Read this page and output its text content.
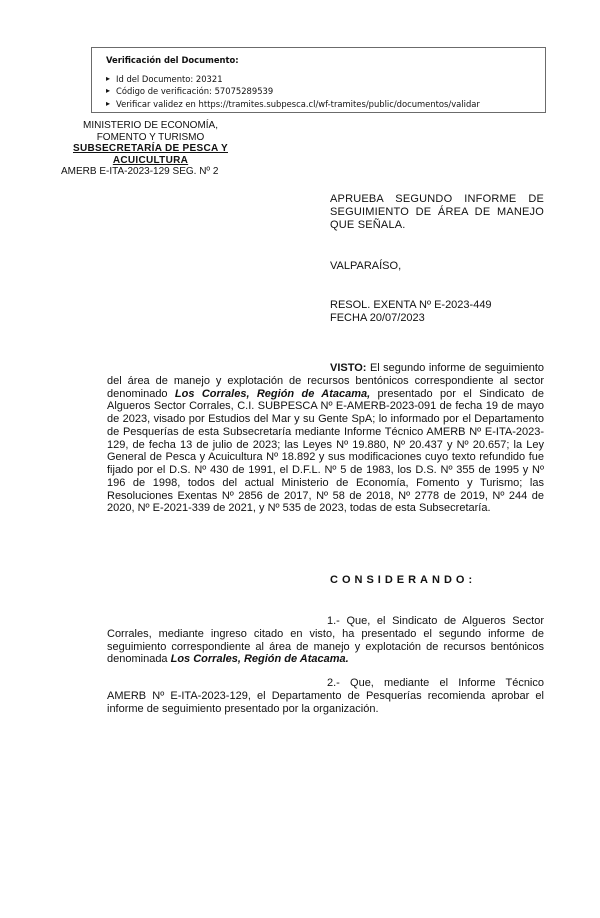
Verificación del Documento:
▸ Id del Documento: 20321
▸ Código de verificación: 57075289539
▸ Verificar validez en https://tramites.subpesca.cl/wf-tramites/public/documentos/validar
MINISTERIO DE ECONOMÍA,
FOMENTO Y TURISMO
SUBSECRETARÍA DE PESCA Y
ACUICULTURA
AMERB E-ITA-2023-129 SEG. Nº 2
APRUEBA SEGUNDO INFORME DE SEGUIMIENTO DE ÁREA DE MANEJO QUE SEÑALA.
VALPARAÍSO,
RESOL. EXENTA Nº E-2023-449
FECHA 20/07/2023
VISTO: El segundo informe de seguimiento del área de manejo y explotación de recursos bentónicos correspondiente al sector denominado Los Corrales, Región de Atacama, presentado por el Sindicato de Algueros Sector Corrales, C.I. SUBPESCA Nº E-AMERB-2023-091 de fecha 19 de mayo de 2023, visado por Estudios del Mar y su Gente SpA; lo informado por el Departamento de Pesquerías de esta Subsecretaría mediante Informe Técnico AMERB Nº E-ITA-2023-129, de fecha 13 de julio de 2023; las Leyes Nº 19.880, Nº 20.437 y Nº 20.657; la Ley General de Pesca y Acuicultura Nº 18.892 y sus modificaciones cuyo texto refundido fue fijado por el D.S. Nº 430 de 1991, el D.F.L. Nº 5 de 1983, los D.S. Nº 355 de 1995 y Nº 196 de 1998, todos del actual Ministerio de Economía, Fomento y Turismo; las Resoluciones Exentas Nº 2856 de 2017, Nº 58 de 2018, Nº 2778 de 2019, Nº 244 de 2020, Nº E-2021-339 de 2021, y Nº 535 de 2023, todas de esta Subsecretaría.
CONSIDERANDO:
1.- Que, el Sindicato de Algueros Sector Corrales, mediante ingreso citado en visto, ha presentado el segundo informe de seguimiento correspondiente al área de manejo y explotación de recursos bentónicos denominada Los Corrales, Región de Atacama.
2.- Que, mediante el Informe Técnico AMERB Nº E-ITA-2023-129, el Departamento de Pesquerías recomienda aprobar el informe de seguimiento presentado por la organización.
